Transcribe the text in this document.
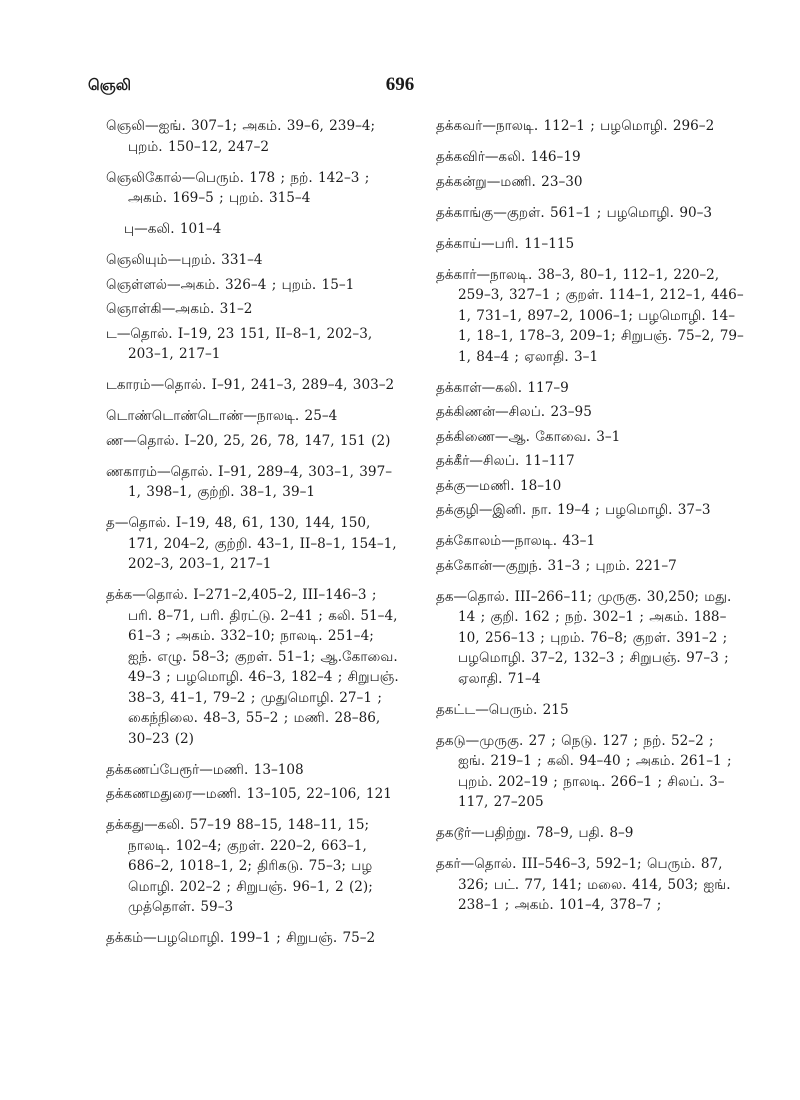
ஞெலி	696

ஞெலி—ஐங். 307–1; அகம். 39–6, 239–4; புறம். 150–12, 247–2

ஞெலிகோல்—பெரும். 178 ; நற். 142–3 ; அகம். 169–5 ; புறம். 315–4

பு—கலி. 101–4

ஞெலியும்—புறம். 331–4

ஞெள்ளல்—அகம். 326–4 ; புறம். 15–1

ஞொள்கி—அகம். 31–2

ட—தொல். I–19, 23 151, II–8–1, 202–3, 203–1, 217–1

டகாரம்—தொல். I–91, 241–3, 289–4, 303–2

டொண்டொண்டொண்—நாலடி. 25–4

ண—தொல். I–20, 25, 26, 78, 147, 151 (2)

ணகாரம்—தொல். I–91, 289–4, 303–1, 397–1, 398–1, குற்றி. 38–1, 39–1

த—தொல். I–19, 48, 61, 130, 144, 150, 171, 204–2, குற்றி. 43–1, II–8–1, 154–1, 202–3, 203–1, 217–1

தக்க—தொல். I–271–2,405–2, III–146–3 ; பரி. 8–71, பரி. திரட்டு. 2–41 ; கலி. 51–4, 61–3 ; அகம். 332–10; நாலடி. 251–4; ஐந். எழு. 58–3; குறள். 51–1; ஆ.கோவை. 49–3 ; பழமொழி. 46–3, 182–4 ; சிறுபஞ். 38–3, 41–1, 79–2 ; முதுமொழி. 27–1 ; கைந்நிலை. 48–3, 55–2 ; மணி. 28–86, 30–23 (2)

தக்கணப்பேரூர்—மணி. 13–108

தக்கணமதுரை—மணி. 13–105, 22–106, 121

தக்கது—கலி. 57–19 88–15, 148–11, 15; நாலடி. 102–4; குறள். 220–2, 663–1, 686–2, 1018–1, 2; திரிகடு. 75–3; பழ மொழி. 202–2 ; சிறுபஞ். 96–1, 2 (2); முத்தொள். 59–3

தக்கம்—பழமொழி. 199–1 ; சிறுபஞ். 75–2

தக்கவர்—நாலடி. 112–1 ; பழமொழி. 296–2

தக்கவிர்—கலி. 146–19

தக்கன்று—மணி. 23–30

தக்காங்கு—குறள். 561–1 ; பழமொழி. 90–3

தக்காய்—பரி. 11–115

தக்கார்—நாலடி. 38–3, 80–1, 112–1, 220–2, 259–3, 327–1 ; குறள். 114–1, 212–1, 446–1, 731–1, 897–2, 1006–1; பழமொழி. 14–1, 18–1, 178–3, 209–1; சிறுபஞ். 75–2, 79–1, 84–4 ; ஏலாதி. 3–1

தக்காள்—கலி. 117–9

தக்கிணன்—சிலப். 23–95

தக்கிணை—ஆ. கோவை. 3–1

தக்கீர்—சிலப். 11–117

தக்கு—மணி. 18–10

தக்குழி—இனி. நா. 19–4 ; பழமொழி. 37–3

தக்கோலம்—நாலடி. 43–1

தக்கோன்—குறுந். 31–3 ; புறம். 221–7

தக—தொல். III–266–11; முருகு. 30,250; மது. 14 ; குறி. 162 ; நற். 302–1 ; அகம். 188–10, 256–13 ; புறம். 76–8; குறள். 391–2 ; பழமொழி. 37–2, 132–3 ; சிறுபஞ். 97–3 ; ஏலாதி. 71–4

தகட்ட—பெரும். 215

தகடு—முருகு. 27 ; நெடு. 127 ; நற். 52–2 ; ஐங். 219–1 ; கலி. 94–40 ; அகம். 261–1 ; புறம். 202–19 ; நாலடி. 266–1 ; சிலப். 3–117, 27–205

தகடூர்—பதிற்று. 78–9, பதி. 8–9

தகர்—தொல். III–546–3, 592–1; பெரும். 87, 326; பட். 77, 141; மலை. 414, 503; ஐங். 238–1 ; அகம். 101–4, 378–7 ;
